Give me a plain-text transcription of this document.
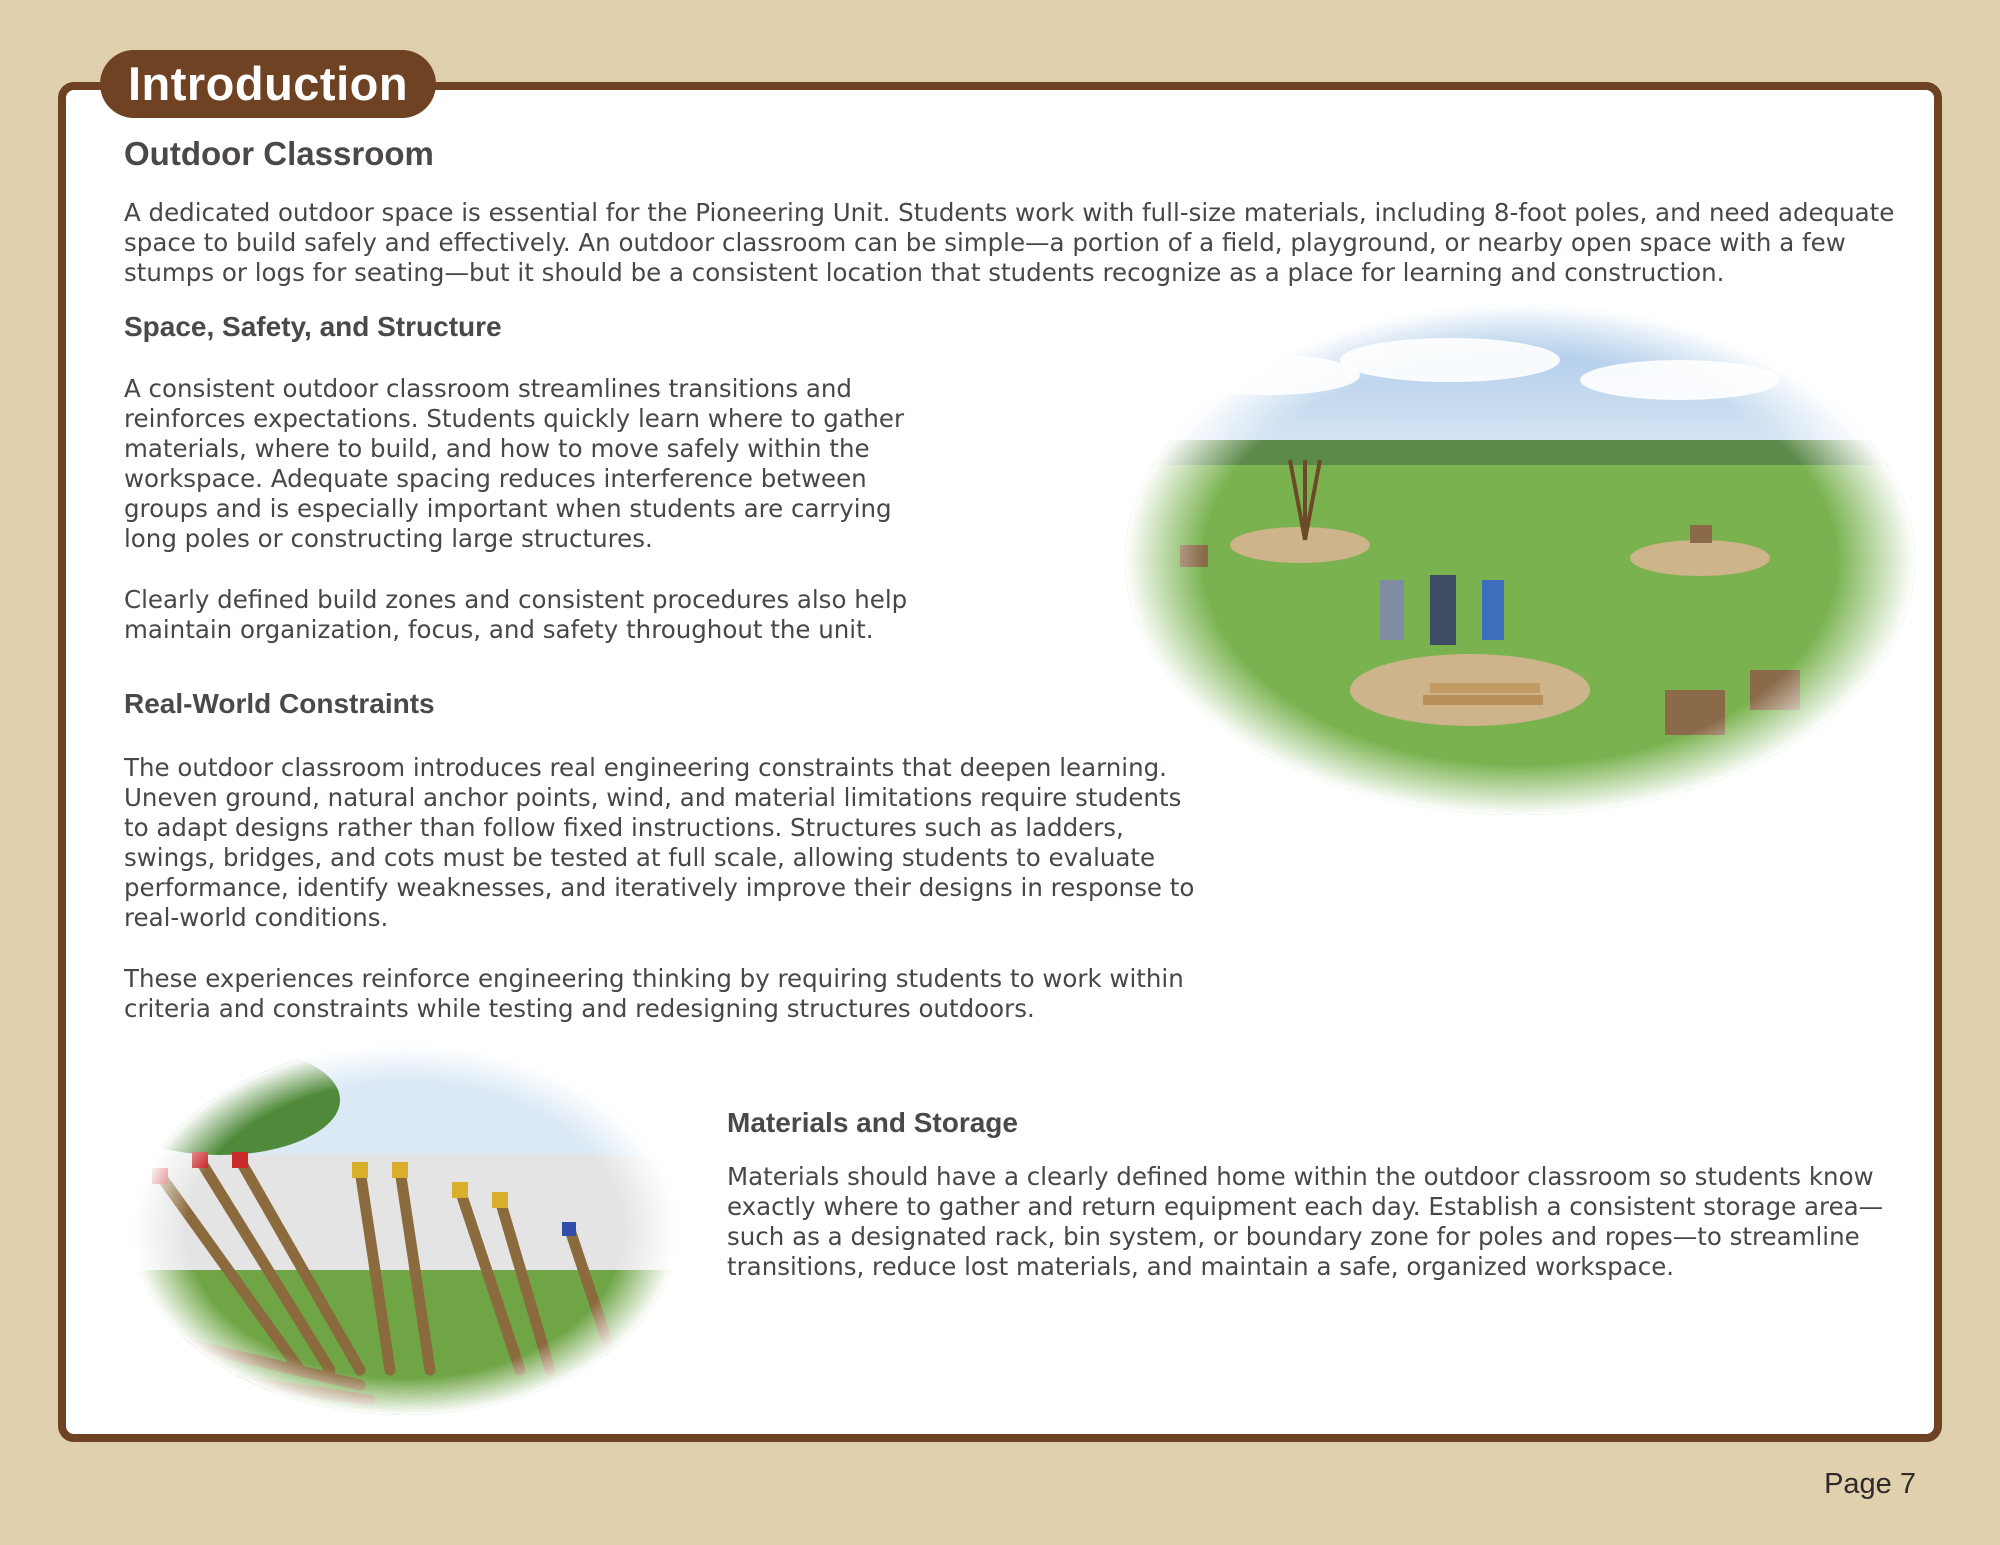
Introduction
Outdoor Classroom

A dedicated outdoor space is essential for the Pioneering Unit. Students work with full-size materials, including 8-foot poles, and need adequate space to build safely and effectively. An outdoor classroom can be simple—a portion of a field, playground, or nearby open space with a few stumps or logs for seating—but it should be a consistent location that students recognize as a place for learning and construction.

Space, Safety, and Structure

A consistent outdoor classroom streamlines transitions and reinforces expectations. Students quickly learn where to gather materials, where to build, and how to move safely within the workspace. Adequate spacing reduces interference between groups and is especially important when students are carrying long poles or constructing large structures.

Clearly defined build zones and consistent procedures also help maintain organization, focus, and safety throughout the unit.

Real-World Constraints

The outdoor classroom introduces real engineering constraints that deepen learning. Uneven ground, natural anchor points, wind, and material limitations require students to adapt designs rather than follow fixed instructions. Structures such as ladders, swings, bridges, and cots must be tested at full scale, allowing students to evaluate performance, identify weaknesses, and iteratively improve their designs in response to real-world conditions.

These experiences reinforce engineering thinking by requiring students to work within criteria and constraints while testing and redesigning structures outdoors.

Materials and Storage

Materials should have a clearly defined home within the outdoor classroom so students know exactly where to gather and return equipment each day. Establish a consistent storage area—such as a designated rack, bin system, or boundary zone for poles and ropes—to streamline transitions, reduce lost materials, and maintain a safe, organized workspace.

Page 7
